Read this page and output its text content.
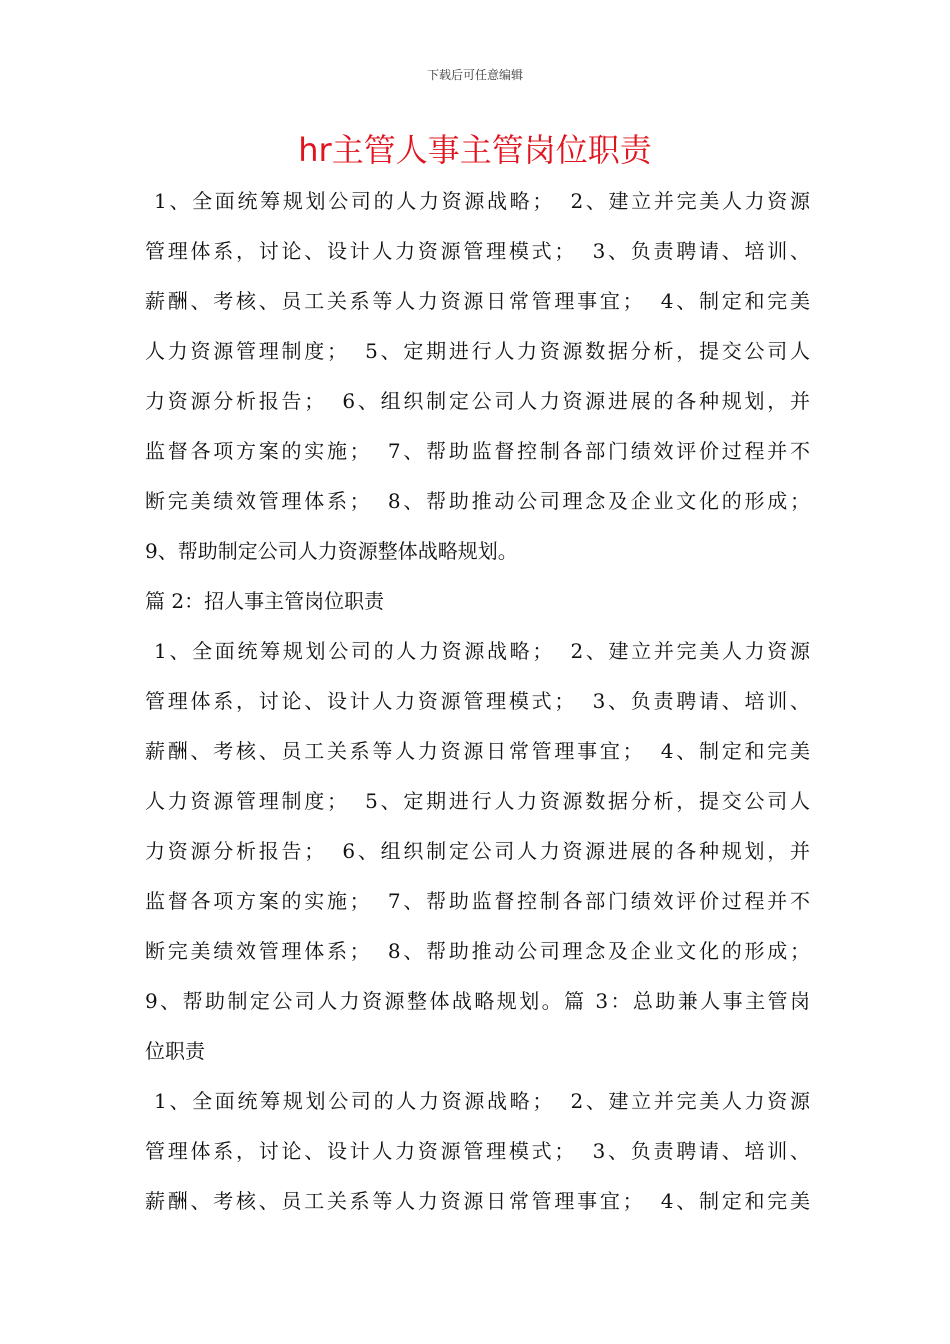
下载后可任意编辑
hr主管人事主管岗位职责
1、全面统筹规划公司的人力资源战略；  2、建立并完美人力资源
管理体系，讨论、设计人力资源管理模式；  3、负责聘请、培训、
薪酬、考核、员工关系等人力资源日常管理事宜；  4、制定和完美
人力资源管理制度；  5、定期进行人力资源数据分析，提交公司人
力资源分析报告；  6、组织制定公司人力资源进展的各种规划，并
监督各项方案的实施；  7、帮助监督控制各部门绩效评价过程并不
断完美绩效管理体系；  8、帮助推动公司理念及企业文化的形成；
9、帮助制定公司人力资源整体战略规划。
篇 2：招人事主管岗位职责
1、全面统筹规划公司的人力资源战略；  2、建立并完美人力资源
管理体系，讨论、设计人力资源管理模式；  3、负责聘请、培训、
薪酬、考核、员工关系等人力资源日常管理事宜；  4、制定和完美
人力资源管理制度；  5、定期进行人力资源数据分析，提交公司人
力资源分析报告；  6、组织制定公司人力资源进展的各种规划，并
监督各项方案的实施；  7、帮助监督控制各部门绩效评价过程并不
断完美绩效管理体系；  8、帮助推动公司理念及企业文化的形成；
9、帮助制定公司人力资源整体战略规划。篇 3：总助兼人事主管岗
位职责
1、全面统筹规划公司的人力资源战略；  2、建立并完美人力资源
管理体系，讨论、设计人力资源管理模式；  3、负责聘请、培训、
薪酬、考核、员工关系等人力资源日常管理事宜；  4、制定和完美
